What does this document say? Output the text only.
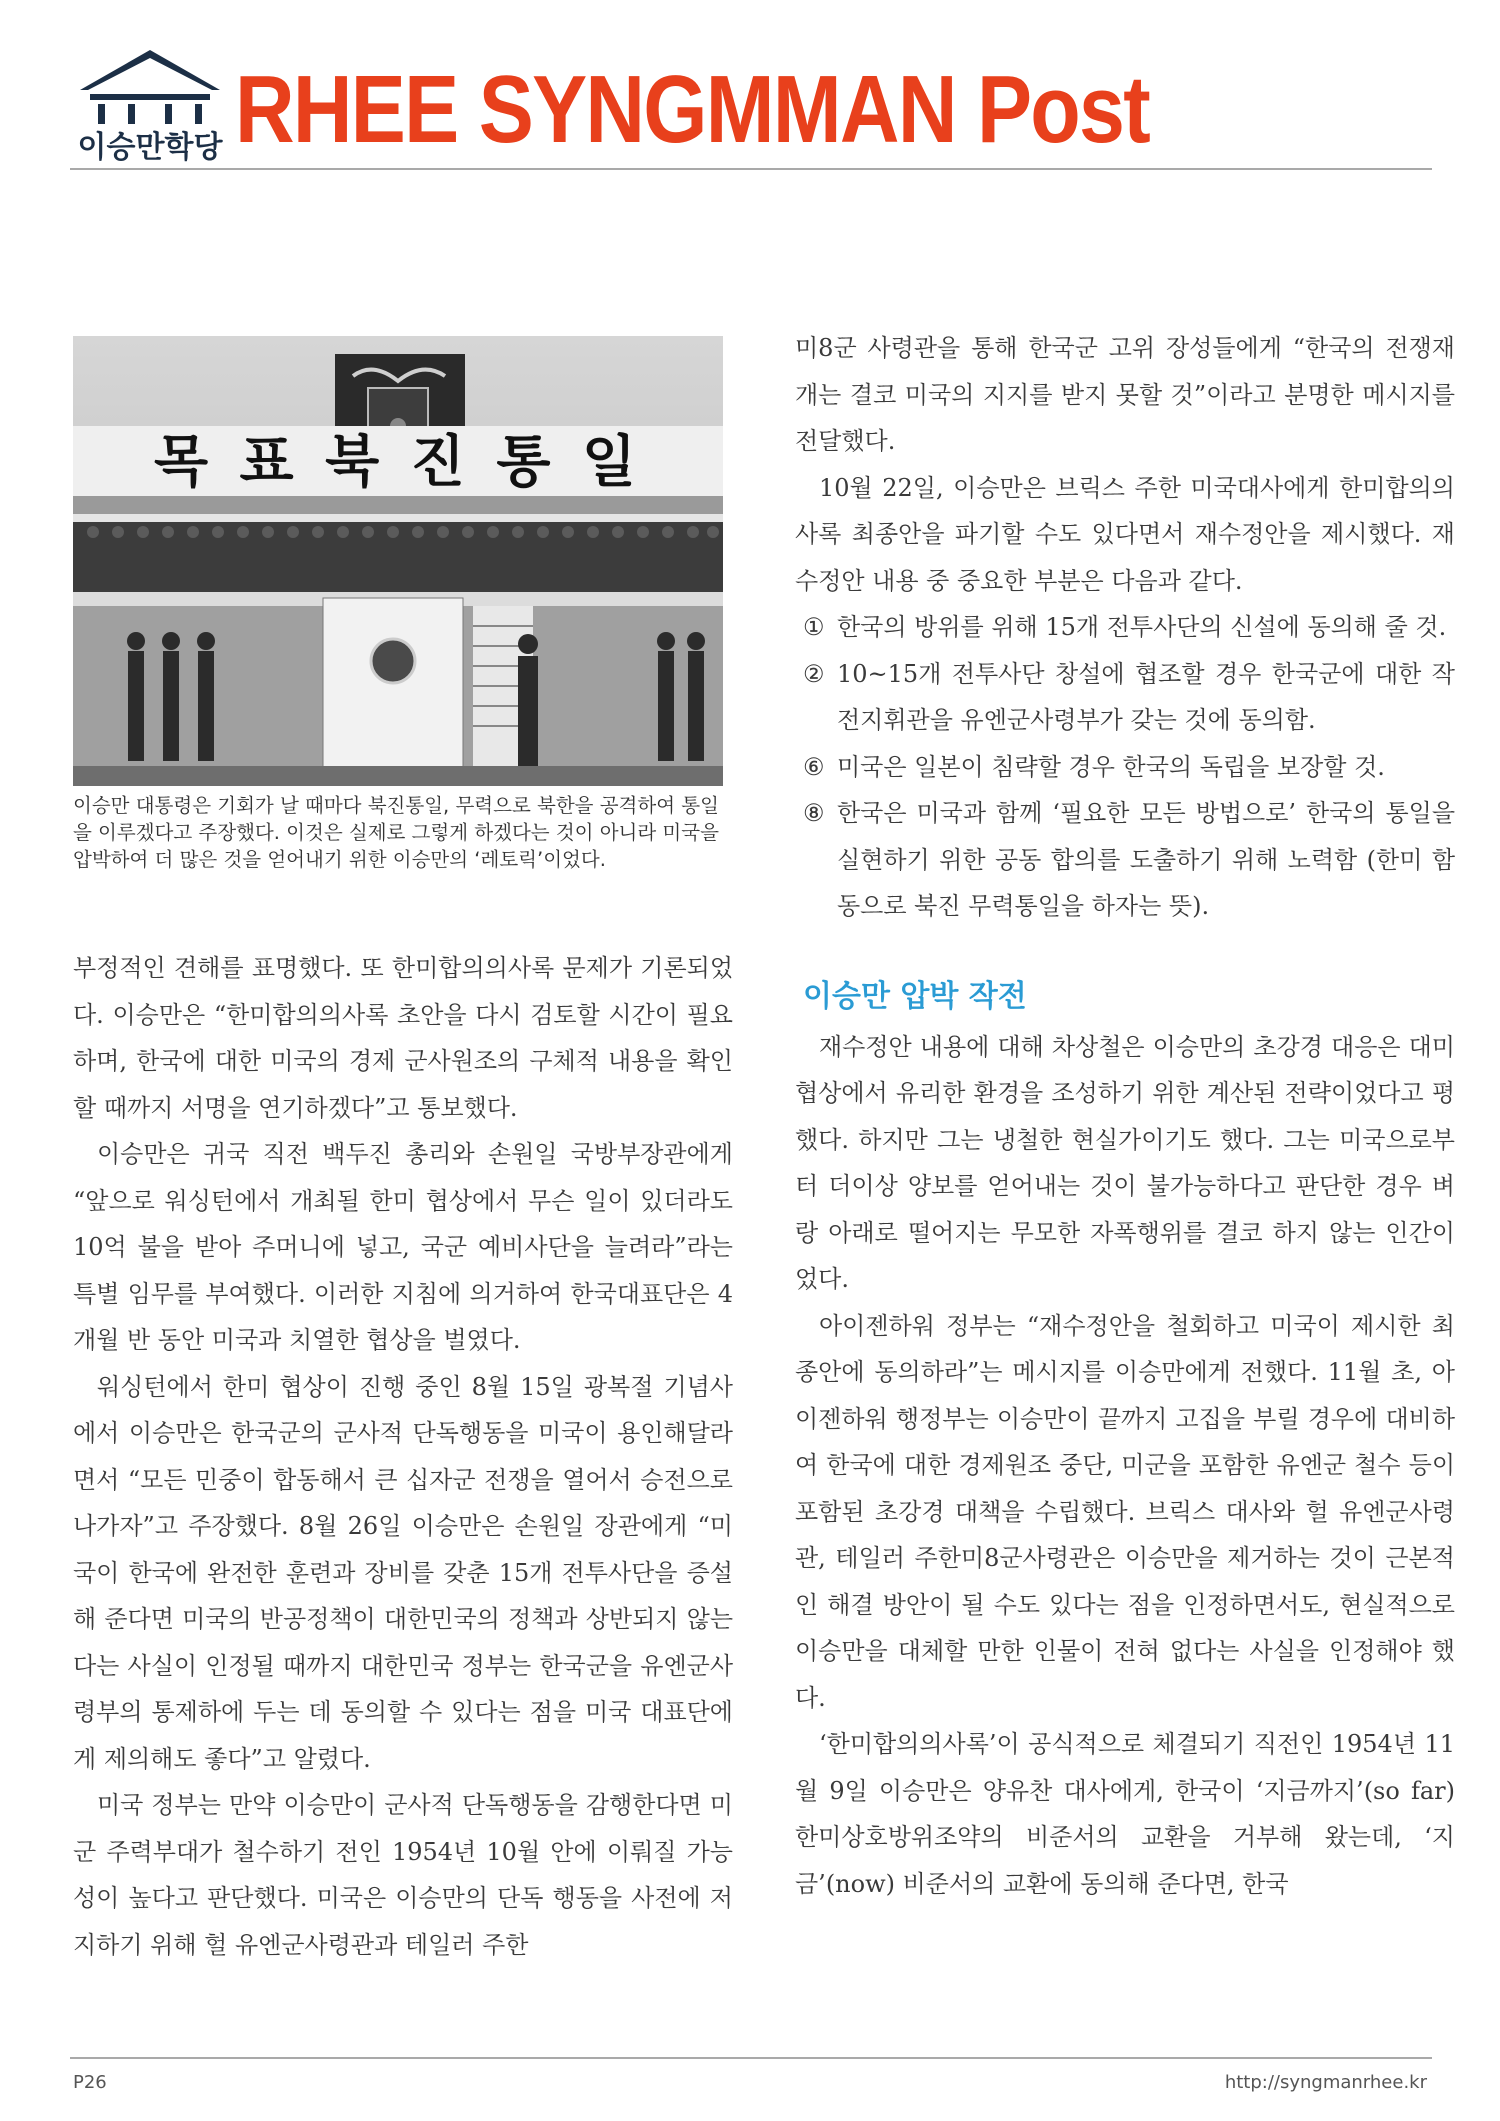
이승만학당 RHEE SYNGMMAN Post
목 표 북 진 통 일
이승만 대통령은 기회가 날 때마다 북진통일, 무력으로 북한을 공격하여 통일을 이루겠다고 주장했다. 이것은 실제로 그렇게 하겠다는 것이 아니라 미국을 압박하여 더 많은 것을 얻어내기 위한 이승만의 ‘레토릭’이었다.

부정적인 견해를 표명했다. 또 한미합의의사록 문제가 기론되었다. 이승만은 “한미합의의사록 초안을 다시 검토할 시간이 필요하며, 한국에 대한 미국의 경제 군사원조의 구체적 내용을 확인할 때까지 서명을 연기하겠다”고 통보했다.

이승만은 귀국 직전 백두진 총리와 손원일 국방부장관에게 “앞으로 워싱턴에서 개최될 한미 협상에서 무슨 일이 있더라도 10억 불을 받아 주머니에 넣고, 국군 예비사단을 늘려라”라는 특별 임무를 부여했다. 이러한 지침에 의거하여 한국대표단은 4개월 반 동안 미국과 치열한 협상을 벌였다.

워싱턴에서 한미 협상이 진행 중인 8월 15일 광복절 기념사에서 이승만은 한국군의 군사적 단독행동을 미국이 용인해달라면서 “모든 민중이 합동해서 큰 십자군 전쟁을 열어서 승전으로 나가자”고 주장했다. 8월 26일 이승만은 손원일 장관에게 “미국이 한국에 완전한 훈련과 장비를 갖춘 15개 전투사단을 증설해 준다면 미국의 반공정책이 대한민국의 정책과 상반되지 않는다는 사실이 인정될 때까지 대한민국 정부는 한국군을 유엔군사령부의 통제하에 두는 데 동의할 수 있다는 점을 미국 대표단에게 제의해도 좋다”고 알렸다.

미국 정부는 만약 이승만이 군사적 단독행동을 감행한다면 미군 주력부대가 철수하기 전인 1954년 10월 안에 이뤄질 가능성이 높다고 판단했다. 미국은 이승만의 단독 행동을 사전에 저지하기 위해 헐 유엔군사령관과 테일러 주한

미8군 사령관을 통해 한국군 고위 장성들에게 “한국의 전쟁재개는 결코 미국의 지지를 받지 못할 것”이라고 분명한 메시지를 전달했다.

10월 22일, 이승만은 브릭스 주한 미국대사에게 한미합의의사록 최종안을 파기할 수도 있다면서 재수정안을 제시했다. 재수정안 내용 중 중요한 부분은 다음과 같다.

① 한국의 방위를 위해 15개 전투사단의 신설에 동의해 줄 것.
② 10~15개 전투사단 창설에 협조할 경우 한국군에 대한 작전지휘관을 유엔군사령부가 갖는 것에 동의함.
⑥ 미국은 일본이 침략할 경우 한국의 독립을 보장할 것.
⑧ 한국은 미국과 함께 ‘필요한 모든 방법으로’ 한국의 통일을 실현하기 위한 공동 합의를 도출하기 위해 노력함 (한미 함동으로 북진 무력통일을 하자는 뜻).
이승만 압박 작전

재수정안 내용에 대해 차상철은 이승만의 초강경 대응은 대미협상에서 유리한 환경을 조성하기 위한 계산된 전략이었다고 평했다. 하지만 그는 냉철한 현실가이기도 했다. 그는 미국으로부터 더이상 양보를 얻어내는 것이 불가능하다고 판단한 경우 벼랑 아래로 떨어지는 무모한 자폭행위를 결코 하지 않는 인간이었다.

아이젠하워 정부는 “재수정안을 철회하고 미국이 제시한 최종안에 동의하라”는 메시지를 이승만에게 전했다. 11월 초, 아이젠하워 행정부는 이승만이 끝까지 고집을 부릴 경우에 대비하여 한국에 대한 경제원조 중단, 미군을 포함한 유엔군 철수 등이 포함된 초강경 대책을 수립했다. 브릭스 대사와 헐 유엔군사령관, 테일러 주한미8군사령관은 이승만을 제거하는 것이 근본적인 해결 방안이 될 수도 있다는 점을 인정하면서도, 현실적으로 이승만을 대체할 만한 인물이 전혀 없다는 사실을 인정해야 했다.

‘한미합의의사록’이 공식적으로 체결되기 직전인 1954년 11월 9일 이승만은 양유찬 대사에게, 한국이 ‘지금까지’(so far) 한미상호방위조약의 비준서의 교환을 거부해 왔는데, ‘지금’(now) 비준서의 교환에 동의해 준다면, 한국

P26	http://syngmanrhee.kr
